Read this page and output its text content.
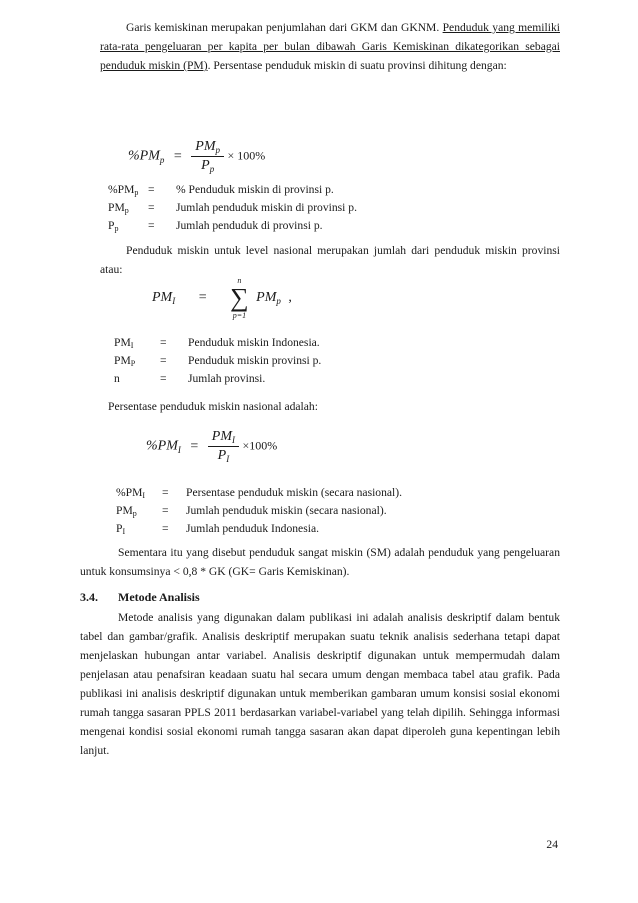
Garis kemiskinan merupakan penjumlahan dari GKM dan GKNM. Penduduk yang memiliki rata-rata pengeluaran per kapita per bulan dibawah Garis Kemiskinan dikategorikan sebagai penduduk miskin (PM). Persentase penduduk miskin di suatu provinsi dihitung dengan:

$\%PM_p = \frac{PM_p}{P_p} \times 100\%$
%PMp =	% Penduduk miskin di provinsi p.
PMp	=	Jumlah penduduk miskin di provinsi p.
Pp	=	Jumlah penduduk di provinsi p.

Penduduk miskin untuk level nasional merupakan jumlah dari penduduk miskin provinsi atau:

$PM_I$ =
n
∑
p=1
$PM_p$ ,
PMI	=	Penduduk miskin Indonesia.
PMP	=	Penduduk miskin provinsi p.
n	=	Jumlah provinsi.

Persentase penduduk miskin nasional adalah:

$\%PM_I = \frac{PM_I}{P_I} \times 100\%$
%PMI	=	Persentase penduduk miskin (secara nasional).
PMp	=	Jumlah penduduk miskin (secara nasional).
PI	=	Jumlah penduduk Indonesia.

Sementara itu yang disebut penduduk sangat miskin (SM) adalah penduduk yang pengeluaran untuk konsumsinya < 0,8 * GK (GK= Garis Kemiskinan).

3.4. Metode Analisis

Metode analisis yang digunakan dalam publikasi ini adalah analisis deskriptif dalam bentuk tabel dan gambar/grafik. Analisis deskriptif merupakan suatu teknik analisis sederhana tetapi dapat menjelaskan hubungan antar variabel. Analisis deskriptif digunakan untuk mempermudah dalam penjelasan atau penafsiran keadaan suatu hal secara umum dengan membaca tabel atau grafik. Pada publikasi ini analisis deskriptif digunakan untuk memberikan gambaran umum konsisi sosial ekonomi rumah tangga sasaran PPLS 2011 berdasarkan variabel-variabel yang telah dipilih. Sehingga informasi mengenai kondisi sosial ekonomi rumah tangga sasaran akan dapat diperoleh guna kepentingan lebih lanjut.

24
